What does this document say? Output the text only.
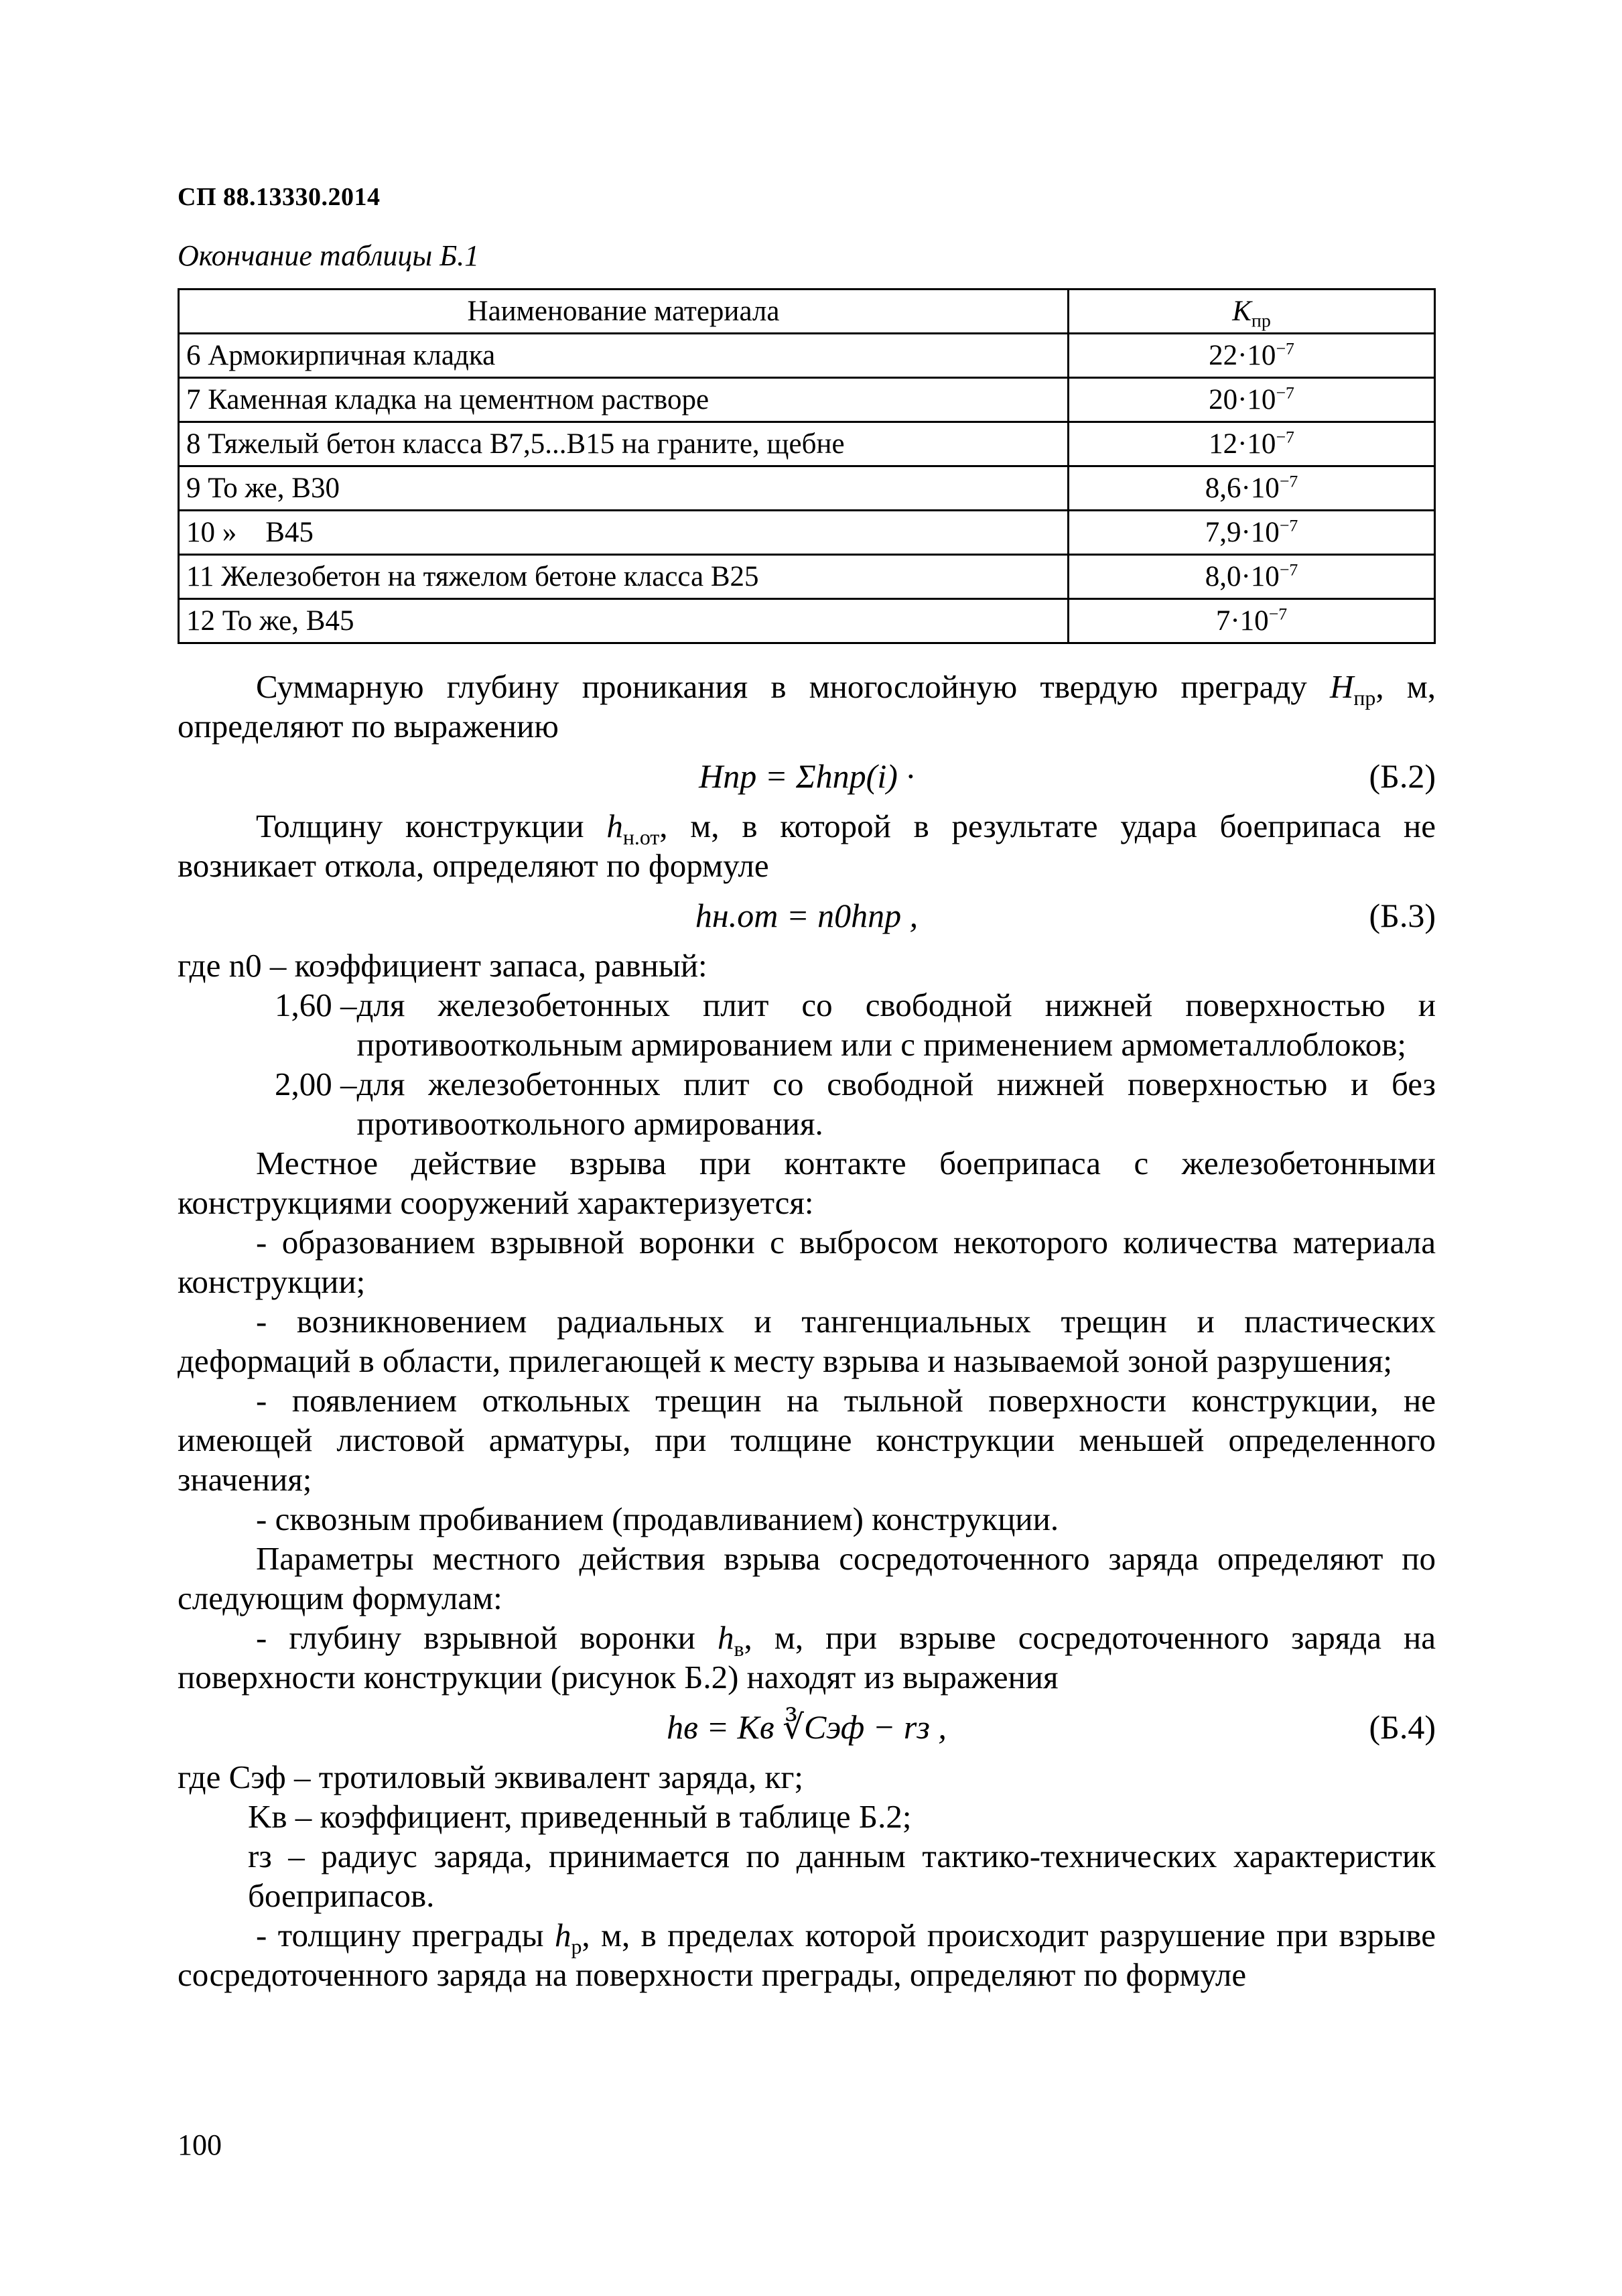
СП 88.13330.2014
Окончание таблицы Б.1
Наименование материала	$K_{пр}$
6 Армокирпичная кладка	$22\cdot 10^{-7}$
7 Каменная кладка на цементном растворе	$20\cdot 10^{-7}$
8 Тяжелый бетон класса В7,5...В15 на граните, щебне	$12\cdot 10^{-7}$
9 То же, В30	$8,6\cdot 10^{-7}$
10 »    В45	$7,9\cdot 10^{-7}$
11 Железобетон на тяжелом бетоне класса В25	$8,0\cdot 10^{-7}$
12 То же, В45	$7\cdot 10^{-7}$

Суммарную глубину проникания в многослойную твердую преграду $H_{пр}$, м, определяют по выражению

Hпр = Σhпр(i) ·	(Б.2)

Толщину конструкции $h_{н.от}$, м, в которой в результате удара боеприпаса не возникает откола, определяют по формуле

hн.от = n0hпр ,	(Б.3)

где n0 – коэффициент запаса, равный:

1,60 – для железобетонных плит со свободной нижней поверхностью и противооткольным армированием или с применением армометаллоблоков;
2,00 – для железобетонных плит со свободной нижней поверхностью и без противооткольного армирования.

Местное действие взрыва при контакте боеприпаса с железобетонными конструкциями сооружений характеризуется:

- образованием взрывной воронки с выбросом некоторого количества материала конструкции;

- возникновением радиальных и тангенциальных трещин и пластических деформаций в области, прилегающей к месту взрыва и называемой зоной разрушения;

- появлением откольных трещин на тыльной поверхности конструкции, не имеющей листовой арматуры, при толщине конструкции меньшей определенного значения;

- сквозным пробиванием (продавливанием) конструкции.

Параметры местного действия взрыва сосредоточенного заряда определяют по следующим формулам:

- глубину взрывной воронки $h_в$, м, при взрыве сосредоточенного заряда на поверхности конструкции (рисунок Б.2) находят из выражения

hв = Kв ∛Cэф − rз ,	(Б.4)

где Cэф – тротиловый эквивалент заряда, кг;

Kв – коэффициент, приведенный в таблице Б.2;

rз – радиус заряда, принимается по данным тактико-технических характеристик боеприпасов.

- толщину преграды $h_р$, м, в пределах которой происходит разрушение при взрыве сосредоточенного заряда на поверхности преграды, определяют по формуле

100
